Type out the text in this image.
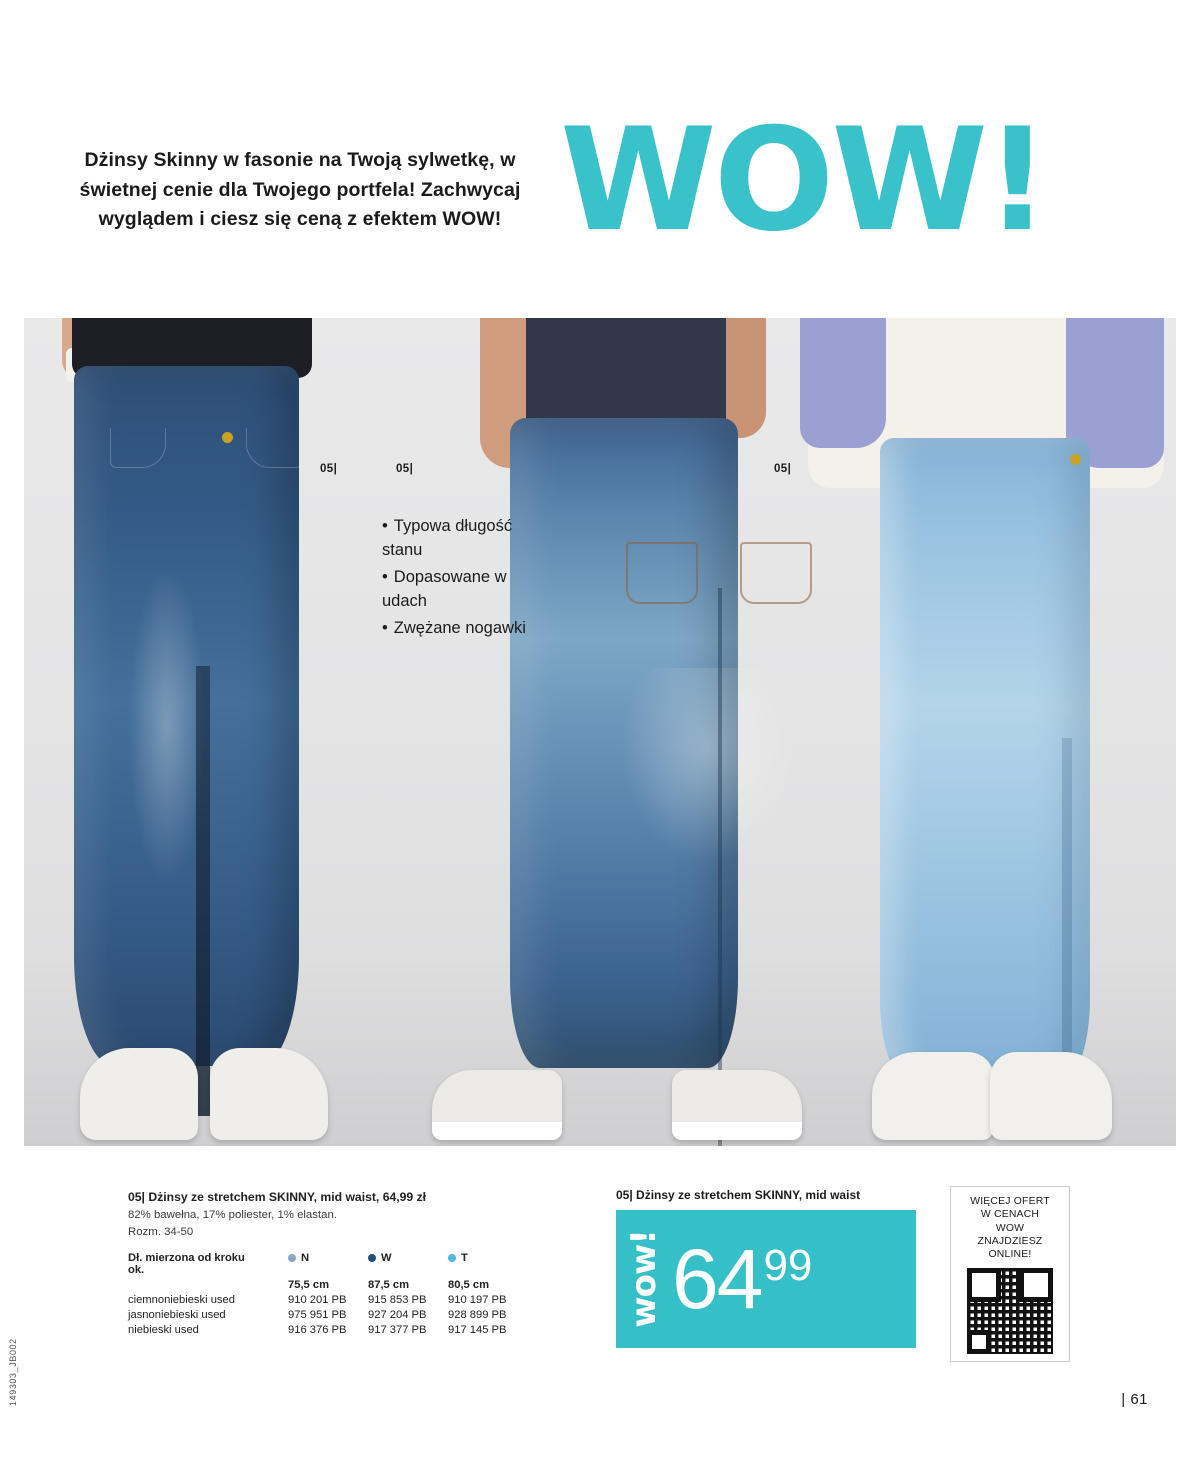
Dżinsy Skinny w fasonie na Twoją sylwetkę, w świetnej cenie dla Twojego portfela! Zachwycaj wyglądem i ciesz się ceną z efektem WOW! WOW!
05|	05|	05|
• Typowa długość stanu
• Dopasowane w udach
• Zwężane nogawki
05| Dżinsy ze stretchem SKINNY, mid waist, 64,99 zł
82% bawełna, 17% poliester, 1% elastan.
Rozm. 34-50
Dł. mierzona od kroku
ok.	N	W	T
	75,5 cm	87,5 cm	80,5 cm
ciemnoniebieski used	910 201 PB	915 853 PB	910 197 PB
jasnoniebieski used	975 951 PB	927 204 PB	928 899 PB
niebieski used	916 376 PB	917 377 PB	917 145 PB
05| Dżinsy ze stretchem SKINNY, mid waist
wow! 64 99
WIĘCEJ OFERT
W CENACH
WOW
ZNAJDZIESZ
ONLINE!
| 61
149303_JB002
